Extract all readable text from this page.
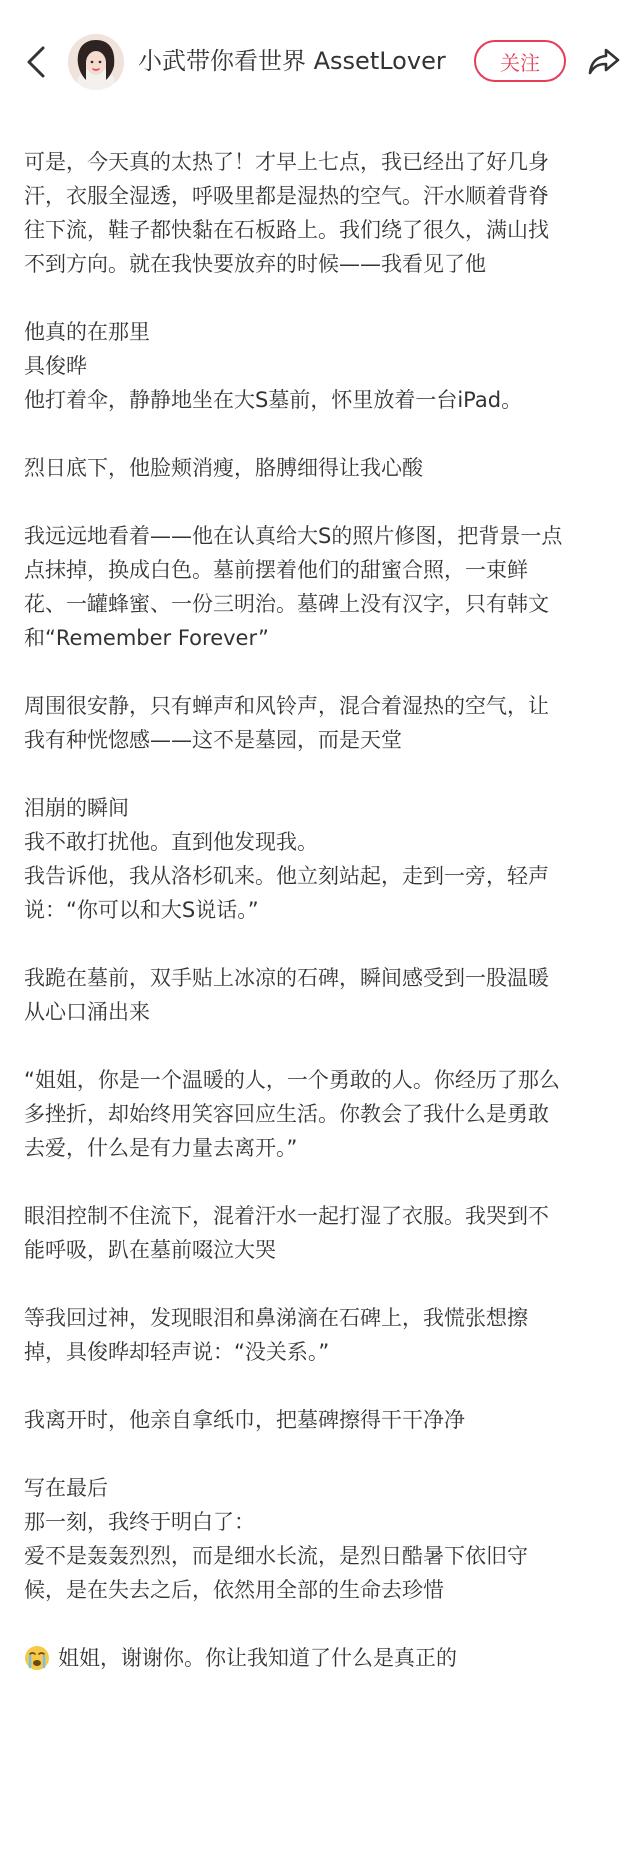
小武带你看世界 AssetLover	关注

可是，今天真的太热了！才早上七点，我已经出了好几身
汗，衣服全湿透，呼吸里都是湿热的空气。汗水顺着背脊
往下流，鞋子都快黏在石板路上。我们绕了很久，满山找
不到方向。就在我快要放弃的时候——我看见了他

他真的在那里
具俊晔
他打着伞，静静地坐在大S墓前，怀里放着一台iPad。

烈日底下，他脸颊消瘦，胳膊细得让我心酸

我远远地看着——他在认真给大S的照片修图，把背景一点
点抹掉，换成白色。墓前摆着他们的甜蜜合照，一束鲜
花、一罐蜂蜜、一份三明治。墓碑上没有汉字，只有韩文
和“Remember Forever”

周围很安静，只有蝉声和风铃声，混合着湿热的空气，让
我有种恍惚感——这不是墓园，而是天堂

泪崩的瞬间
我不敢打扰他。直到他发现我。
我告诉他，我从洛杉矶来。他立刻站起，走到一旁，轻声
说：“你可以和大S说话。”

我跪在墓前，双手贴上冰凉的石碑，瞬间感受到一股温暖
从心口涌出来

“姐姐，你是一个温暖的人，一个勇敢的人。你经历了那么
多挫折，却始终用笑容回应生活。你教会了我什么是勇敢
去爱，什么是有力量去离开。”

眼泪控制不住流下，混着汗水一起打湿了衣服。我哭到不
能呼吸，趴在墓前啜泣大哭

等我回过神，发现眼泪和鼻涕滴在石碑上，我慌张想擦
掉，具俊晔却轻声说：“没关系。”

我离开时，他亲自拿纸巾，把墓碑擦得干干净净

写在最后
那一刻，我终于明白了：
爱不是轰轰烈烈，而是细水长流，是烈日酷暑下依旧守
候，是在失去之后，依然用全部的生命去珍惜

姐姐，谢谢你。你让我知道了什么是真正的
